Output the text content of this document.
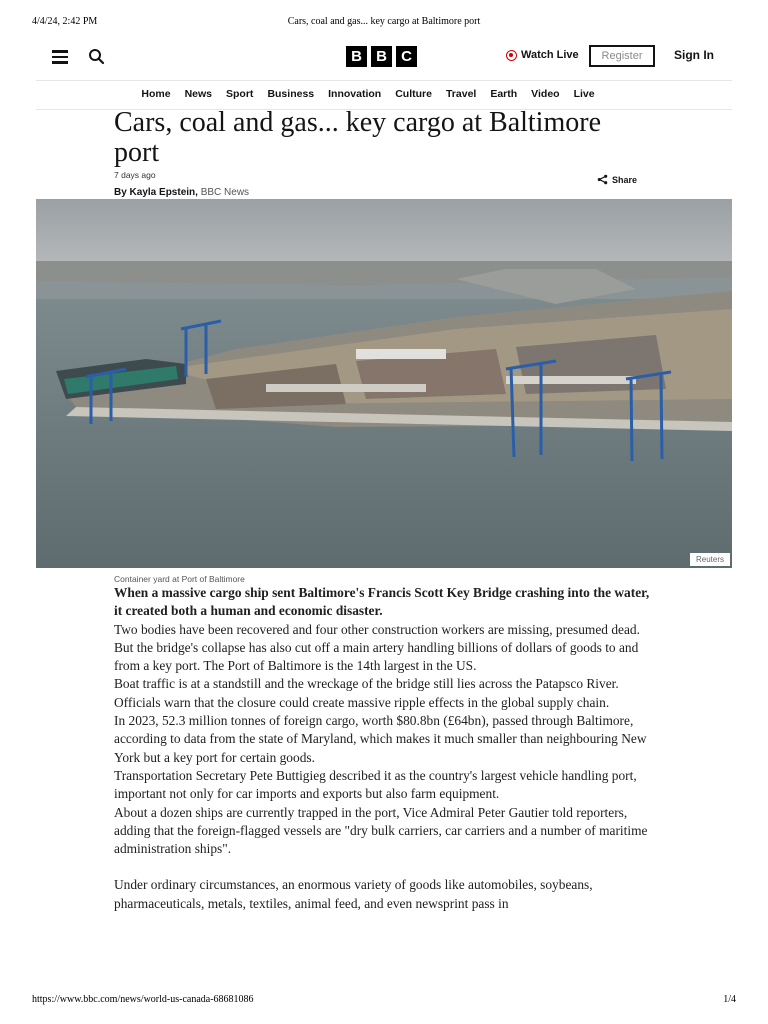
4/4/24, 2:42 PM	Cars, coal and gas... key cargo at Baltimore port
B B C	Watch Live	Register	Sign In
Home News Sport Business Innovation Culture Travel Earth Video Live
Cars, coal and gas... key cargo at Baltimore port
7 days ago	Share
By Kayla Epstein, BBC News
Reuters
Container yard at Port of Baltimore

When a massive cargo ship sent Baltimore's Francis Scott Key Bridge crashing into the water, it created both a human and economic disaster.

Two bodies have been recovered and four other construction workers are missing, presumed dead.

But the bridge's collapse has also cut off a main artery handling billions of dollars of goods to and from a key port. The Port of Baltimore is the 14th largest in the US.

Boat traffic is at a standstill and the wreckage of the bridge still lies across the Patapsco River. Officials warn that the closure could create massive ripple effects in the global supply chain.

In 2023, 52.3 million tonnes of foreign cargo, worth $80.8bn (£64bn), passed through Baltimore, according to data from the state of Maryland, which makes it much smaller than neighbouring New York but a key port for certain goods.

Transportation Secretary Pete Buttigieg described it as the country's largest vehicle handling port, important not only for car imports and exports but also farm equipment.

About a dozen ships are currently trapped in the port, Vice Admiral Peter Gautier told reporters, adding that the foreign-flagged vessels are "dry bulk carriers, car carriers and a number of maritime administration ships".

Under ordinary circumstances, an enormous variety of goods like automobiles, soybeans, pharmaceuticals, metals, textiles, animal feed, and even newsprint pass in

https://www.bbc.com/news/world-us-canada-68681086	1/4
